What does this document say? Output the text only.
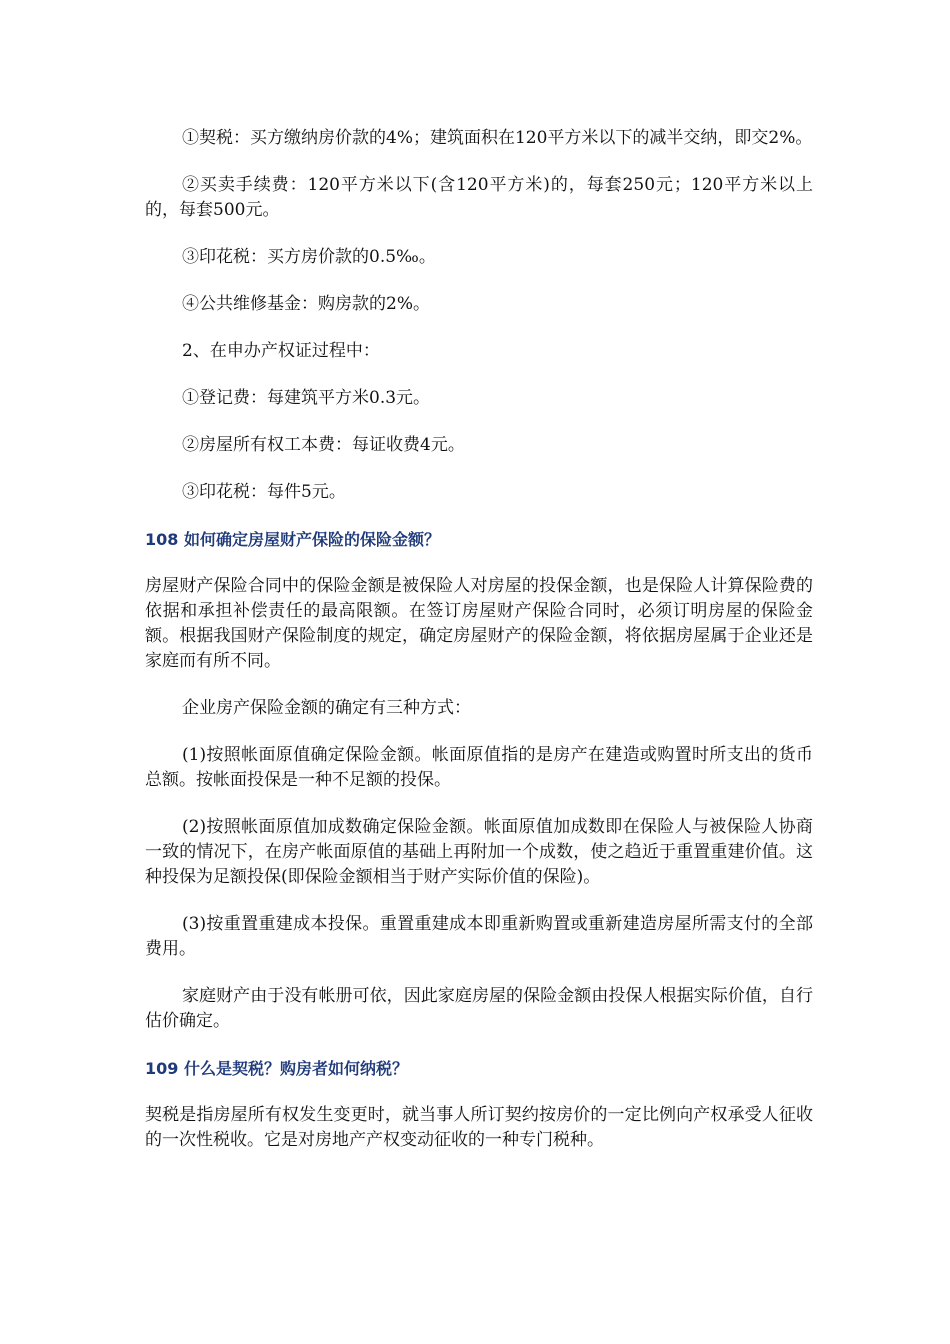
①契税：买方缴纳房价款的4%；建筑面积在120平方米以下的减半交纳，即交2%。

②买卖手续费：120平方米以下(含120平方米)的，每套250元；120平方米以上的，每套500元。

③印花税：买方房价款的0.5‰。

④公共维修基金：购房款的2%。

2、在申办产权证过程中：

①登记费：每建筑平方米0.3元。

②房屋所有权工本费：每证收费4元。

③印花税：每件5元。

108 如何确定房屋财产保险的保险金额？

房屋财产保险合同中的保险金额是被保险人对房屋的投保金额，也是保险人计算保险费的依据和承担补偿责任的最高限额。在签订房屋财产保险合同时，必须订明房屋的保险金额。根据我国财产保险制度的规定，确定房屋财产的保险金额，将依据房屋属于企业还是家庭而有所不同。

企业房产保险金额的确定有三种方式：

(1)按照帐面原值确定保险金额。帐面原值指的是房产在建造或购置时所支出的货币总额。按帐面投保是一种不足额的投保。

(2)按照帐面原值加成数确定保险金额。帐面原值加成数即在保险人与被保险人协商一致的情况下，在房产帐面原值的基础上再附加一个成数，使之趋近于重置重建价值。这种投保为足额投保(即保险金额相当于财产实际价值的保险)。

(3)按重置重建成本投保。重置重建成本即重新购置或重新建造房屋所需支付的全部费用。

家庭财产由于没有帐册可依，因此家庭房屋的保险金额由投保人根据实际价值，自行估价确定。

109 什么是契税？购房者如何纳税？

契税是指房屋所有权发生变更时，就当事人所订契约按房价的一定比例向产权承受人征收的一次性税收。它是对房地产产权变动征收的一种专门税种。
